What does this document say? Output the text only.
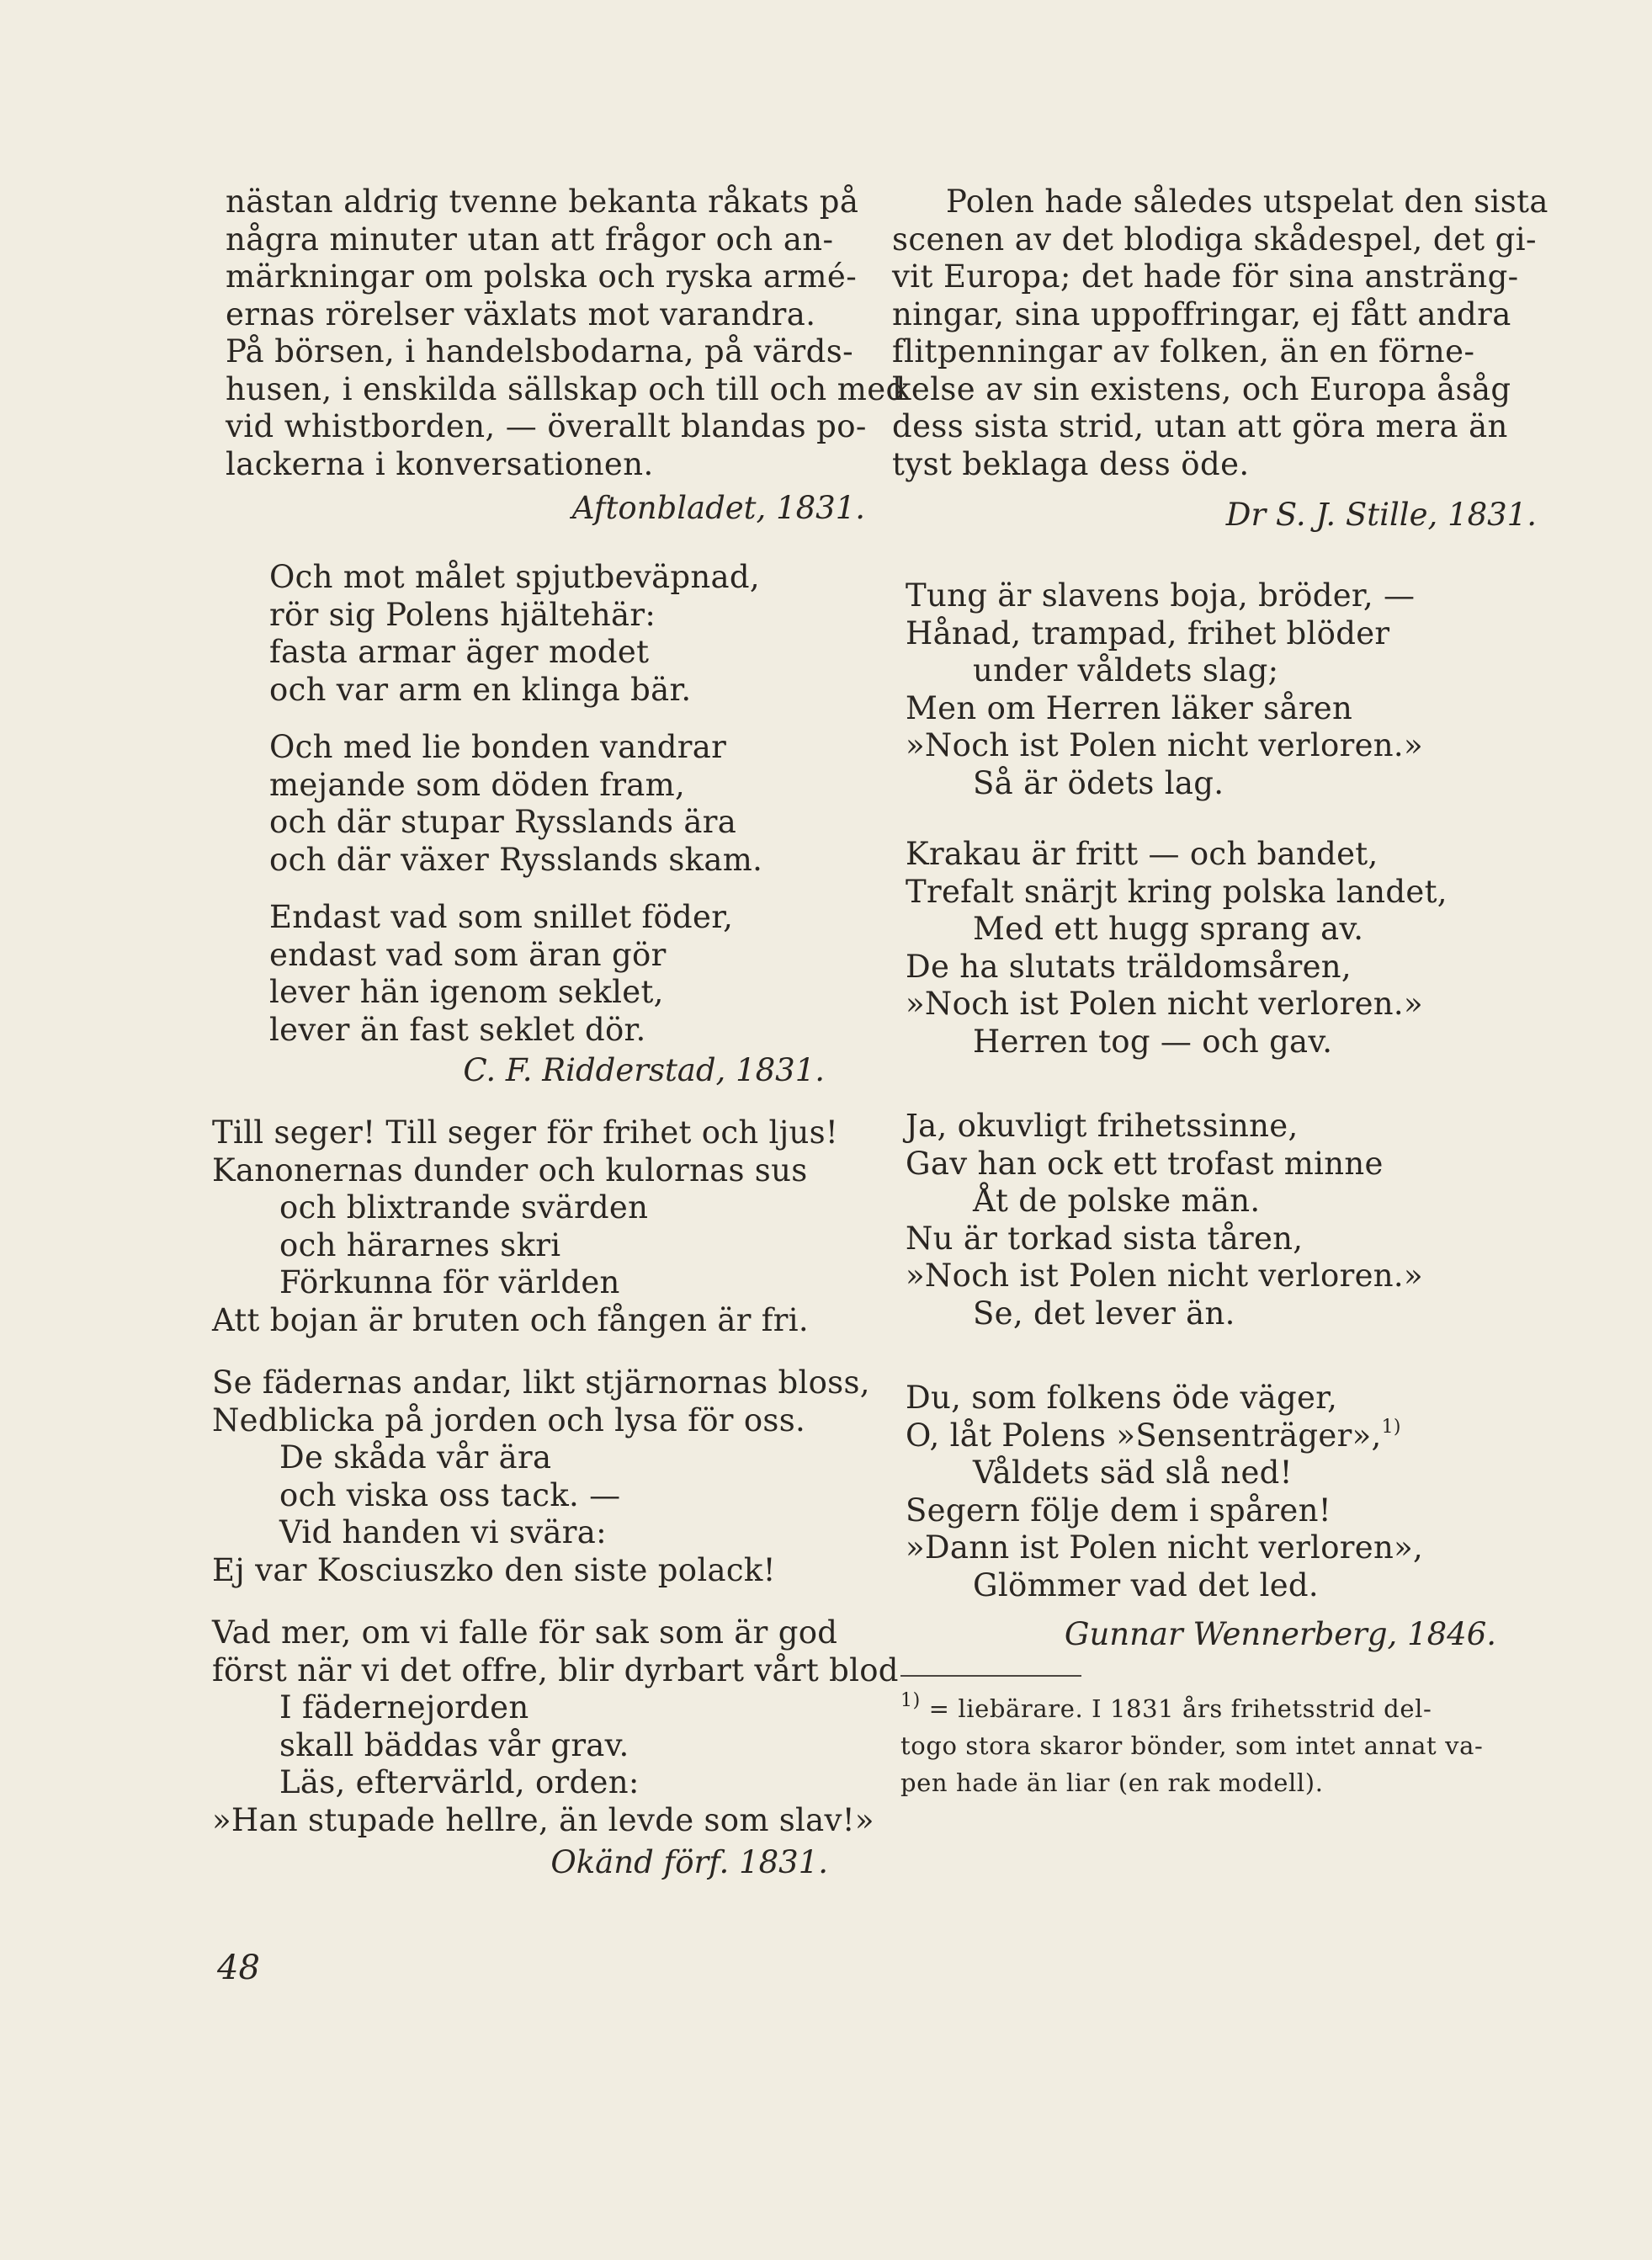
nästan aldrig tvenne bekanta råkats på
några minuter utan att frågor och an-
märkningar om polska och ryska armé-
ernas rörelser växlats mot varandra.
På börsen, i handelsbodarna, på värds-
husen, i enskilda sällskap och till och med
vid whistborden, — överallt blandas po-
lackerna i konversationen.
Aftonbladet, 1831.
Och mot målet spjutbeväpnad,
rör sig Polens hjältehär:
fasta armar äger modet
och var arm en klinga bär.
Och med lie bonden vandrar
mejande som döden fram,
och där stupar Rysslands ära
och där växer Rysslands skam.
Endast vad som snillet föder,
endast vad som äran gör
lever hän igenom seklet,
lever än fast seklet dör.
C. F. Ridderstad, 1831.
Till seger! Till seger för frihet och ljus!
Kanonernas dunder och kulornas sus
och blixtrande svärden
och härarnes skri
Förkunna för världen
Att bojan är bruten och fången är fri.
Se fädernas andar, likt stjärnornas bloss,
Nedblicka på jorden och lysa för oss.
De skåda vår ära
och viska oss tack. —
Vid handen vi svära:
Ej var Kosciuszko den siste polack!
Vad mer, om vi falle för sak som är god
först när vi det offre, blir dyrbart vårt blod
I fädernejorden
skall bäddas vår grav.
Läs, eftervärld, orden:
»Han stupade hellre, än levde som slav!»
Okänd förf. 1831.
Polen hade således utspelat den sista
scenen av det blodiga skådespel, det gi-
vit Europa; det hade för sina ansträng-
ningar, sina uppoffringar, ej fått andra
flitpenningar av folken, än en förne-
kelse av sin existens, och Europa åsåg
dess sista strid, utan att göra mera än
tyst beklaga dess öde.
Dr S. J. Stille, 1831.
Tung är slavens boja, bröder, —
Hånad, trampad, frihet blöder
under våldets slag;
Men om Herren läker såren
»Noch ist Polen nicht verloren.»
Så är ödets lag.
Krakau är fritt — och bandet,
Trefalt snärjt kring polska landet,
Med ett hugg sprang av.
De ha slutats träldomsåren,
»Noch ist Polen nicht verloren.»
Herren tog — och gav.
Ja, okuvligt frihetssinne,
Gav han ock ett trofast minne
Åt de polske män.
Nu är torkad sista tåren,
»Noch ist Polen nicht verloren.»
Se, det lever än.
Du, som folkens öde väger,
O, låt Polens »Sensenträger»,$^{1)}$
Våldets säd slå ned!
Segern följe dem i spåren!
»Dann ist Polen nicht verloren»,
Glömmer vad det led.
Gunnar Wennerberg, 1846.
$^{1)}$ = liebärare. I 1831 års frihetsstrid del-
togo stora skaror bönder, som intet annat va-
pen hade än liar (en rak modell).
48
